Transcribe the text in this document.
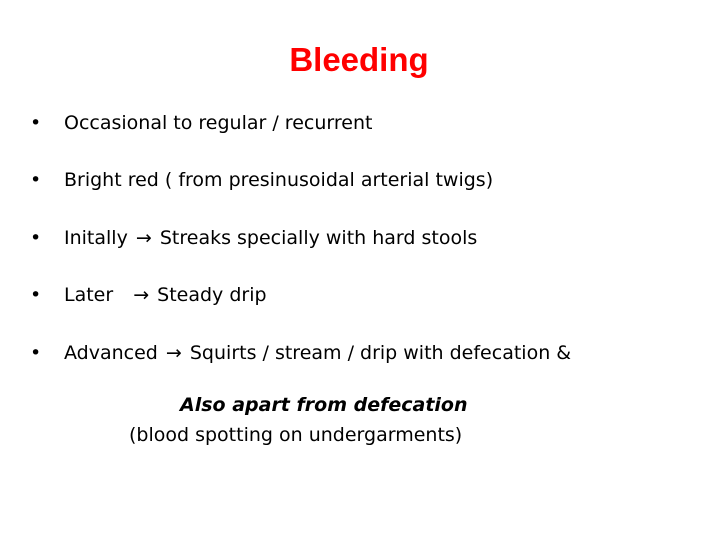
Bleeding
• Occasional to regular / recurrent
• Bright red ( from presinusoidal arterial twigs)
• Initally → Streaks specially with hard stools
• Later → Steady drip
• Advanced → Squirts / stream / drip with defecation &
Also apart from defecation
(blood spotting on undergarments)
